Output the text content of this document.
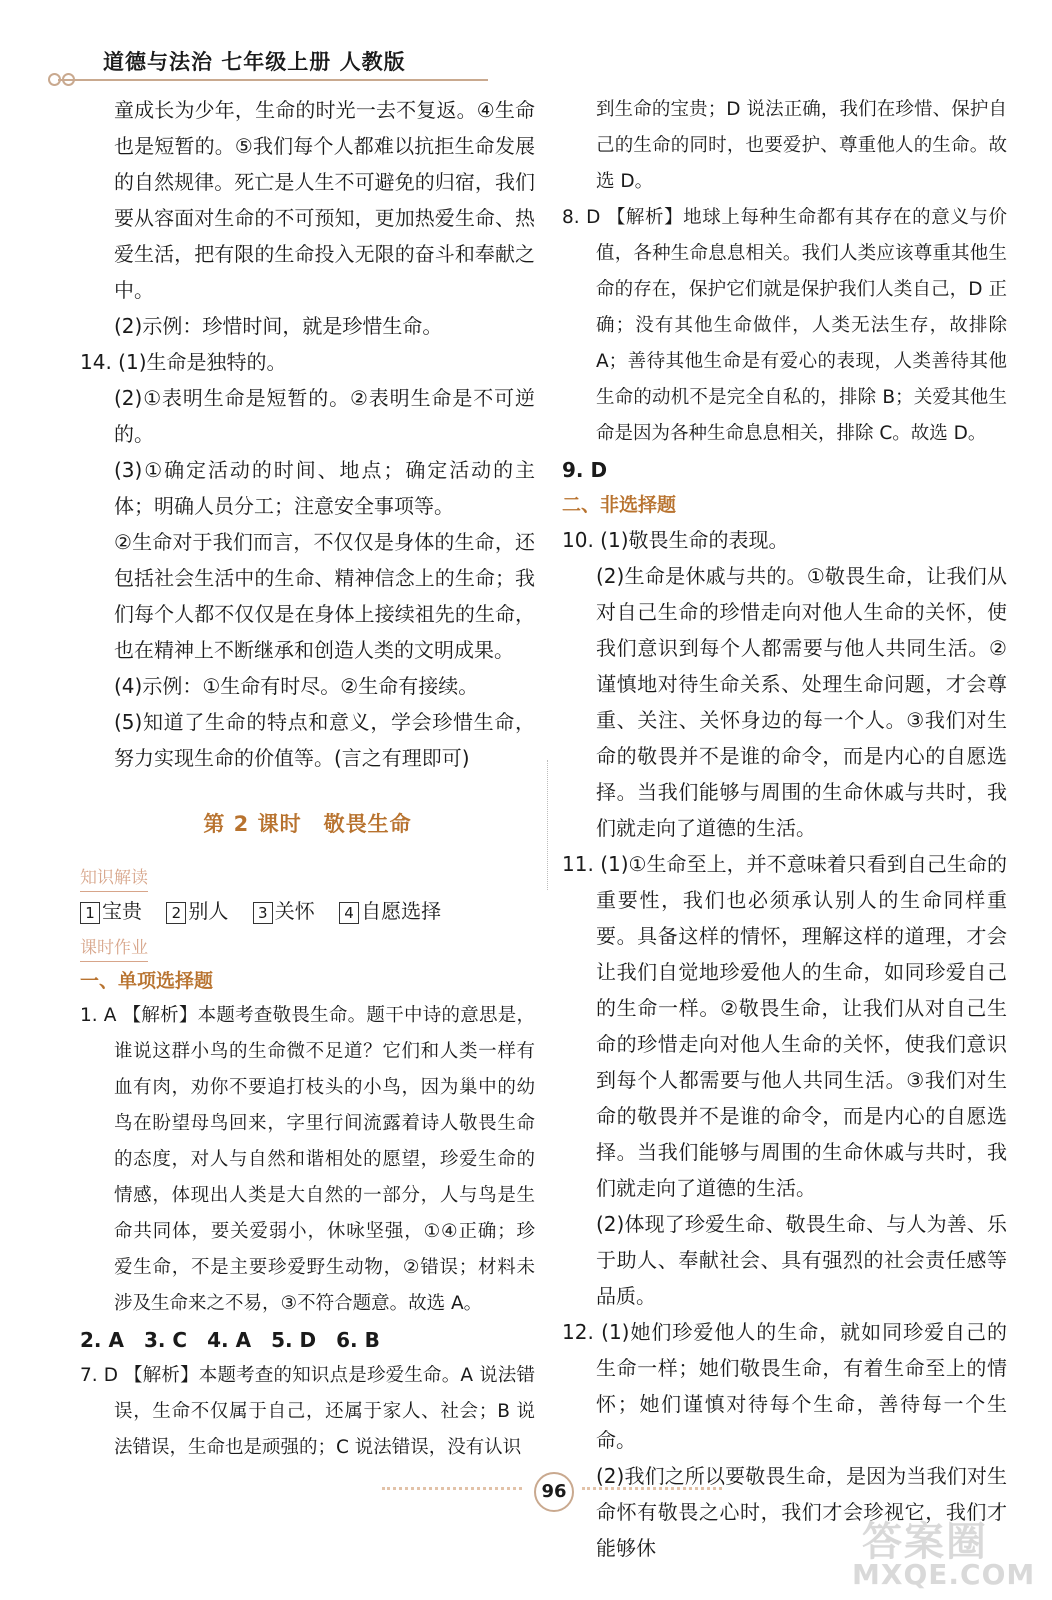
道德与法治 七年级上册 人教版

童成长为少年，生命的时光一去不复返。④生命也是短暂的。⑤我们每个人都难以抗拒生命发展的自然规律。死亡是人生不可避免的归宿，我们要从容面对生命的不可预知，更加热爱生命、热爱生活，把有限的生命投入无限的奋斗和奉献之中。

(2)示例：珍惜时间，就是珍惜生命。

14. (1)生命是独特的。

(2)①表明生命是短暂的。②表明生命是不可逆的。

(3)①确定活动的时间、地点；确定活动的主体；明确人员分工；注意安全事项等。

②生命对于我们而言，不仅仅是身体的生命，还包括社会生活中的生命、精神信念上的生命；我们每个人都不仅仅是在身体上接续祖先的生命，也在精神上不断继承和创造人类的文明成果。

(4)示例：①生命有时尽。②生命有接续。

(5)知道了生命的特点和意义，学会珍惜生命，努力实现生命的价值等。(言之有理即可)

第 2 课时　敬畏生命
知识解读
1 宝贵 2 别人 3 关怀 4 自愿选择
课时作业
一、单项选择题

1. A 【解析】本题考查敬畏生命。题干中诗的意思是，谁说这群小鸟的生命微不足道？它们和人类一样有血有肉，劝你不要追打枝头的小鸟，因为巢中的幼鸟在盼望母鸟回来，字里行间流露着诗人敬畏生命的态度，对人与自然和谐相处的愿望，珍爱生命的情感，体现出人类是大自然的一部分，人与鸟是生命共同体，要关爱弱小，休咏坚强，①④正确；珍爱生命，不是主要珍爱野生动物，②错误；材料未涉及生命来之不易，③不符合题意。故选 A。

2. A　3. C　4. A　5. D　6. B

7. D 【解析】本题考查的知识点是珍爱生命。A 说法错误，生命不仅属于自己，还属于家人、社会；B 说法错误，生命也是顽强的；C 说法错误，没有认识

到生命的宝贵；D 说法正确，我们在珍惜、保护自己的生命的同时，也要爱护、尊重他人的生命。故选 D。

8. D 【解析】地球上每种生命都有其存在的意义与价值，各种生命息息相关。我们人类应该尊重其他生命的存在，保护它们就是保护我们人类自己，D 正确；没有其他生命做伴，人类无法生存，故排除 A；善待其他生命是有爱心的表现，人类善待其他生命的动机不是完全自私的，排除 B；关爱其他生命是因为各种生命息息相关，排除 C。故选 D。

9. D

二、非选择题

10. (1)敬畏生命的表现。

(2)生命是休戚与共的。①敬畏生命，让我们从对自己生命的珍惜走向对他人生命的关怀，使我们意识到每个人都需要与他人共同生活。②谨慎地对待生命关系、处理生命问题，才会尊重、关注、关怀身边的每一个人。③我们对生命的敬畏并不是谁的命令，而是内心的自愿选择。当我们能够与周围的生命休戚与共时，我们就走向了道德的生活。

11. (1)①生命至上，并不意味着只看到自己生命的重要性，我们也必须承认别人的生命同样重要。具备这样的情怀，理解这样的道理，才会让我们自觉地珍爱他人的生命，如同珍爱自己的生命一样。②敬畏生命，让我们从对自己生命的珍惜走向对他人生命的关怀，使我们意识到每个人都需要与他人共同生活。③我们对生命的敬畏并不是谁的命令，而是内心的自愿选择。当我们能够与周围的生命休戚与共时，我们就走向了道德的生活。

(2)体现了珍爱生命、敬畏生命、与人为善、乐于助人、奉献社会、具有强烈的社会责任感等品质。

12. (1)她们珍爱他人的生命，就如同珍爱自己的生命一样；她们敬畏生命，有着生命至上的情怀；她们谨慎对待每个生命，善待每一个生命。

(2)我们之所以要敬畏生命，是因为当我们对生命怀有敬畏之心时，我们才会珍视它，我们才能够休

96
答案圈
MXQE.COM
